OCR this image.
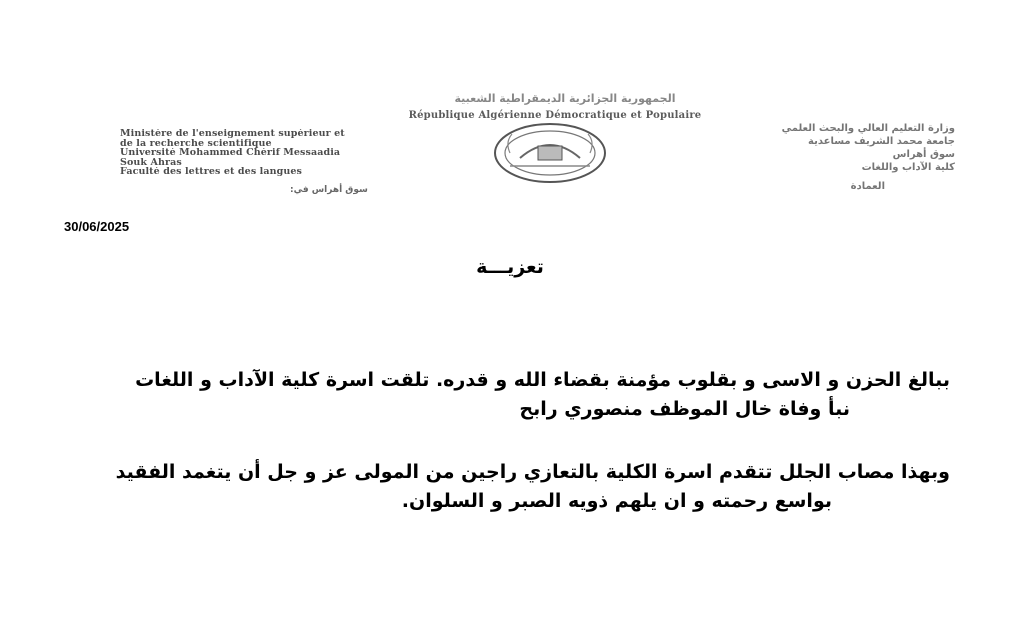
الجمهورية الجزائرية الديمقراطية الشعبية
République Algérienne Démocratique et Populaire
Ministère de l'enseignement supérieur et
de la recherche scientifique
Université Mohammed Chérif Messaadia
Souk Ahras
Faculté des lettres et des langues
وزارة التعليم العالي والبحث العلمي
جامعة محمد الشريف مساعدية
سوق أهراس
كلية الآداب واللغات
العمادة
سوق أهراس في:
30/06/2025
تعزيـــة
ببالغ الحزن و الاسى و بقلوب مؤمنة بقضاء الله و قدره. تلقت اسرة كلية الآداب و اللغات
نبأ وفاة خال الموظف منصوري رابح
وبهذا مصاب الجلل تتقدم اسرة الكلية بالتعازي راجين من المولى عز و جل أن يتغمد الفقيد
بواسع رحمته و ان يلهم ذويه الصبر و السلوان.
